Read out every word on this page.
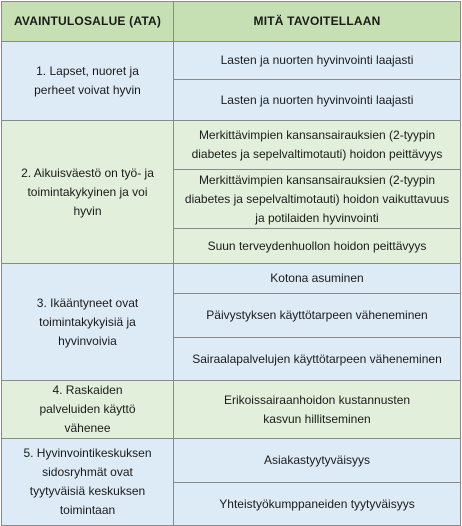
AVAINTULOSALUE (ATA)	MITÄ TAVOITELLAAN
1. Lapset, nuoret ja perheet voivat hyvin	Lasten ja nuorten hyvinvointi laajasti
	Lasten ja nuorten hyvinvointi laajasti
2. Aikuisväestö on työ- ja toimintakykyinen ja voi hyvin	Merkittävimpien kansansairauksien (2-tyypin diabetes ja sepelvaltimotauti) hoidon peittävyys
	Merkittävimpien kansansairauksien (2-tyypin diabetes ja sepelvaltimotauti) hoidon vaikuttavuus ja potilaiden hyvinvointi
	Suun terveydenhuollon hoidon peittävyys
3. Ikääntyneet ovat toimintakykyisiä ja hyvinvoivia	Kotona asuminen
	Päivystyksen käyttötarpeen väheneminen
	Sairaalapalvelujen käyttötarpeen väheneminen
4. Raskaiden palveluiden käyttö vähenee	Erikoissairaanhoidon kustannusten kasvun hillitseminen
5. Hyvinvointikeskuksen sidosryhmät ovat tyytyväisiä keskuksen toimintaan	Asiakastyytyväisyys
	Yhteistyökumppaneiden tyytyväisyys
